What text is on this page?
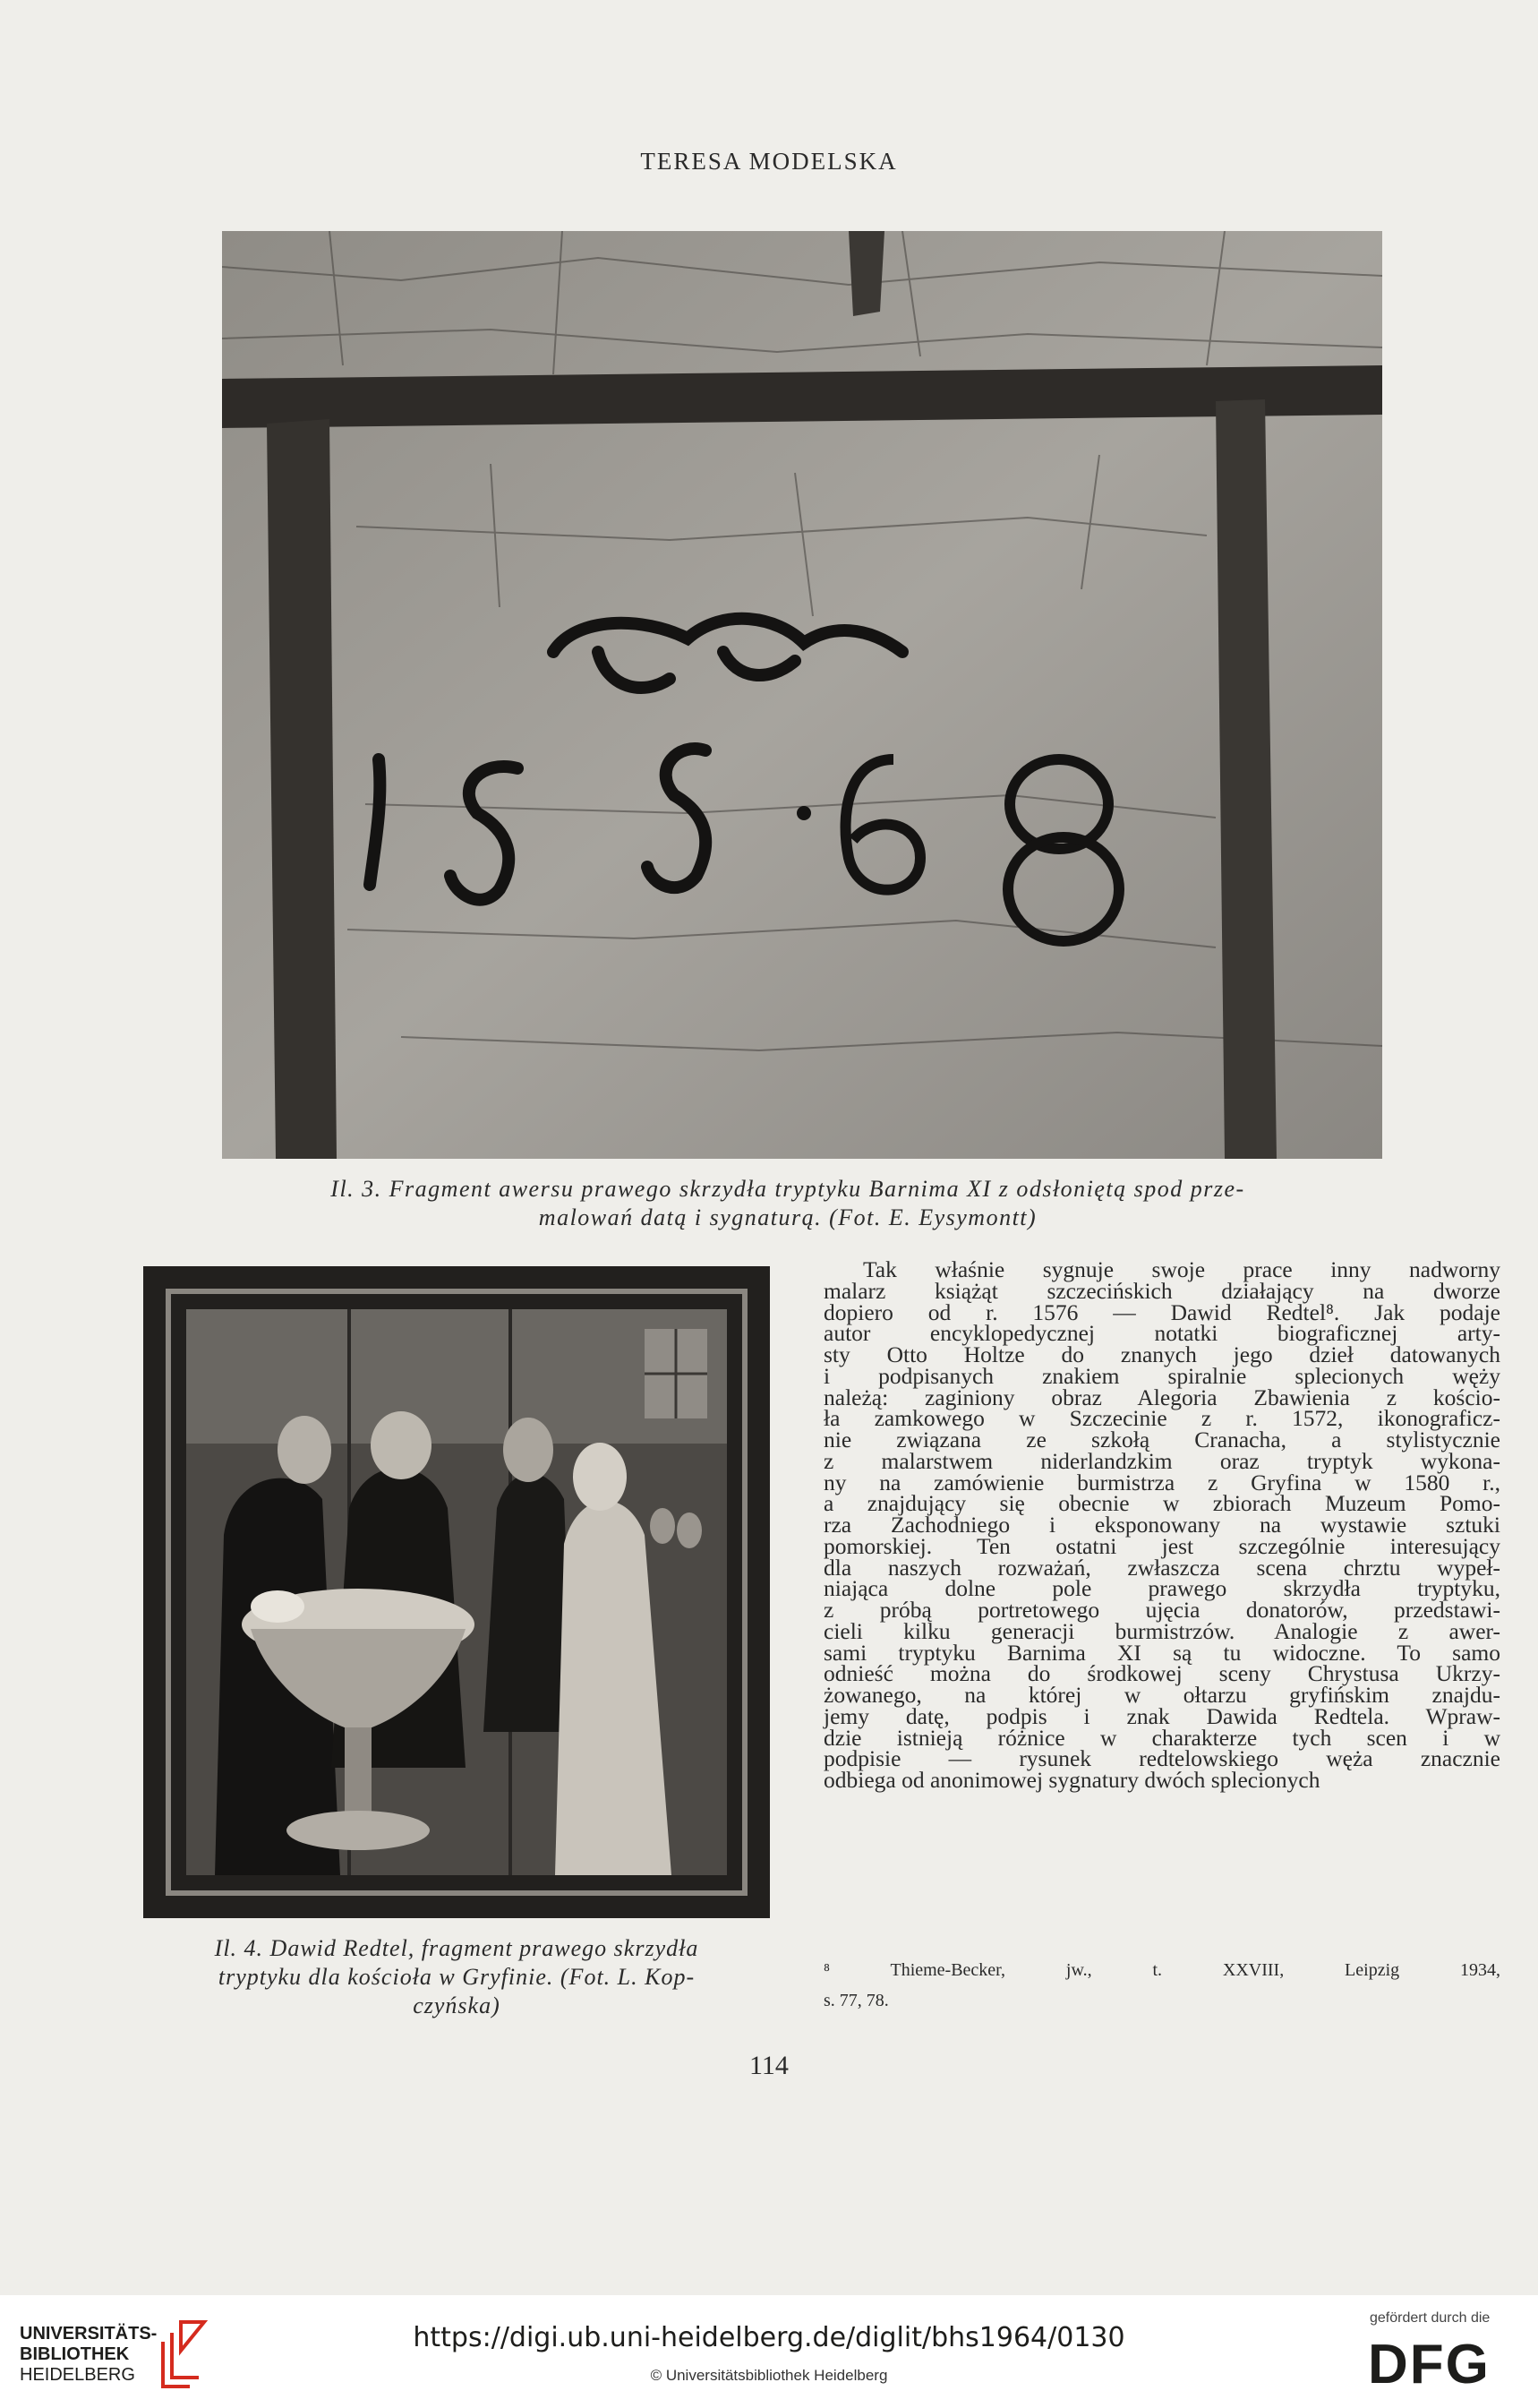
TERESA MODELSKA
Il. 3. Fragment awersu prawego skrzydła tryptyku Barnima XI z odsłoniętą spod prze-
malowań datą i sygnaturą. (Fot. E. Eysymontt)
Il. 4. Dawid Redtel, fragment prawego skrzydła
tryptyku dla kościoła w Gryfinie. (Fot. L. Kop-
czyńska)
Tak właśnie sygnuje swoje prace inny nadworny
malarz książąt szczecińskich działający na dworze
dopiero od r. 1576 — Dawid Redtel⁸. Jak podaje
autor encyklopedycznej notatki biograficznej arty-
sty Otto Holtze do znanych jego dzieł datowanych
i podpisanych znakiem spiralnie splecionych węży
należą: zaginiony obraz Alegoria Zbawienia z kościo-
ła zamkowego w Szczecinie z r. 1572, ikonograficz-
nie związana ze szkołą Cranacha, a stylistycznie
z malarstwem niderlandzkim oraz tryptyk wykona-
ny na zamówienie burmistrza z Gryfina w 1580 r.,
a znajdujący się obecnie w zbiorach Muzeum Pomo-
rza Zachodniego i eksponowany na wystawie sztuki
pomorskiej. Ten ostatni jest szczególnie interesujący
dla naszych rozważań, zwłaszcza scena chrztu wypeł-
niająca dolne pole prawego skrzydła tryptyku,
z próbą portretowego ujęcia donatorów, przedstawi-
cieli kilku generacji burmistrzów. Analogie z awer-
sami tryptyku Barnima XI są tu widoczne. To samo
odnieść można do środkowej sceny Chrystusa Ukrzy-
żowanego, na której w ołtarzu gryfińskim znajdu-
jemy datę, podpis i znak Dawida Redtela. Wpraw-
dzie istnieją różnice w charakterze tych scen i w
podpisie — rysunek redtelowskiego węża znacznie
odbiega od anonimowej sygnatury dwóch splecionych
⁸ Thieme-Becker, jw., t. XXVIII, Leipzig 1934,
s. 77, 78.
114
UNIVERSITÄTS-
BIBLIOTHEK
HEIDELBERG
https://digi.ub.uni-heidelberg.de/diglit/bhs1964/0130
© Universitätsbibliothek Heidelberg
gefördert durch die
DFG
